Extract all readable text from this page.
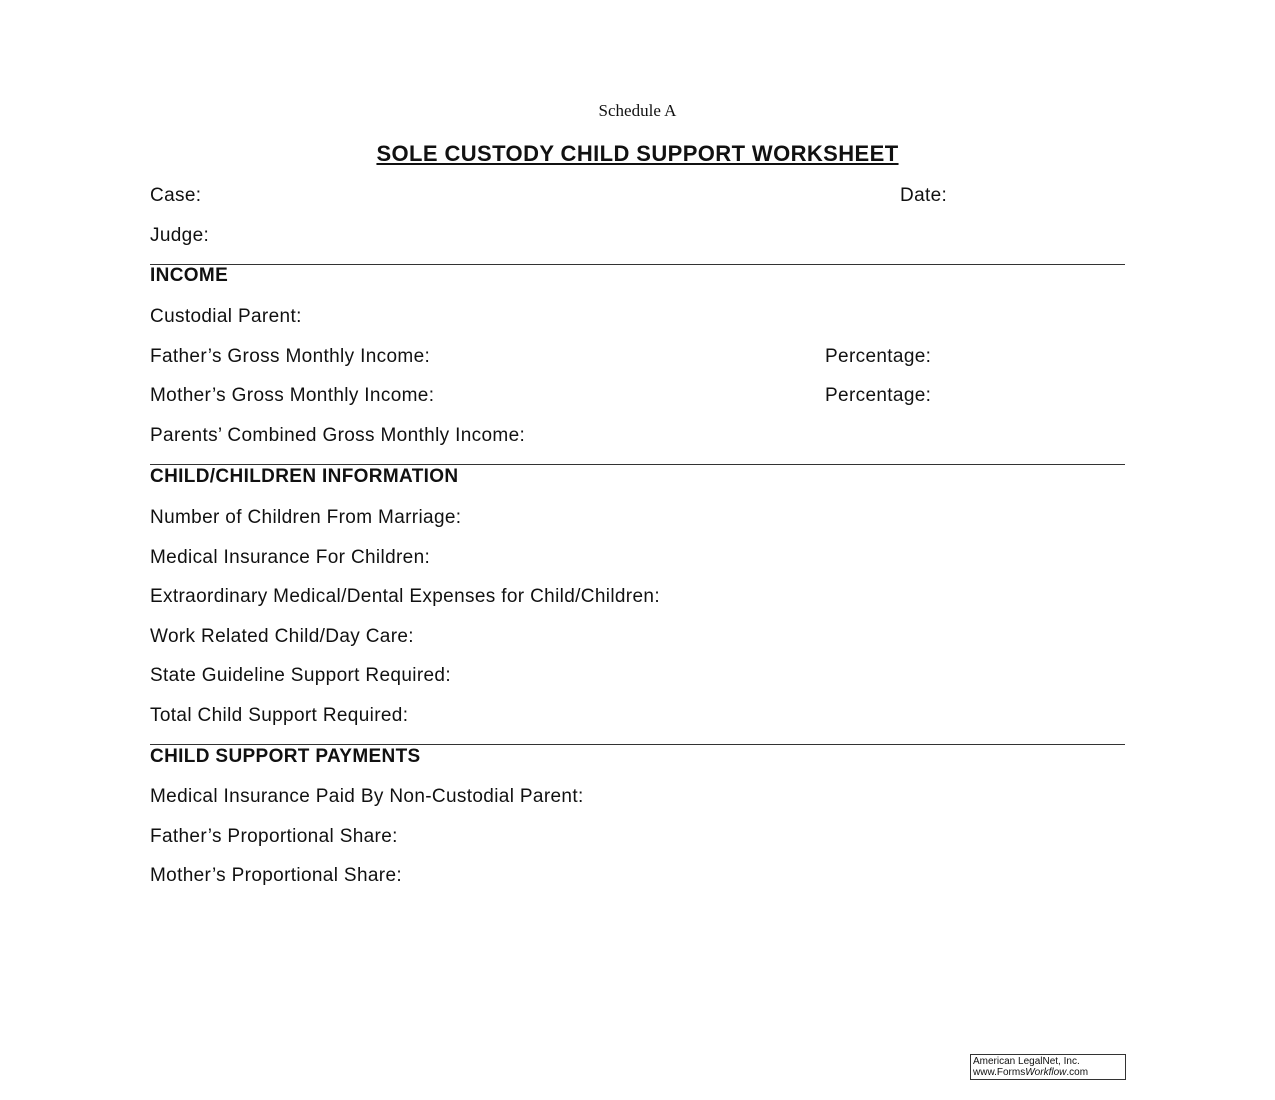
Schedule A
SOLE CUSTODY CHILD SUPPORT WORKSHEET
Case:	Date:
Judge:
INCOME
Custodial Parent:
Father’s Gross Monthly Income:	Percentage:
Mother’s Gross Monthly Income:	Percentage:
Parents’ Combined Gross Monthly Income:
CHILD/CHILDREN INFORMATION
Number of Children From Marriage:
Medical Insurance For Children:
Extraordinary Medical/Dental Expenses for Child/Children:
Work Related Child/Day Care:
State Guideline Support Required:
Total Child Support Required:
CHILD SUPPORT PAYMENTS
Medical Insurance Paid By Non-Custodial Parent:
Father’s Proportional Share:
Mother’s Proportional Share:
American LegalNet, Inc.
www.FormsWorkflow.com
